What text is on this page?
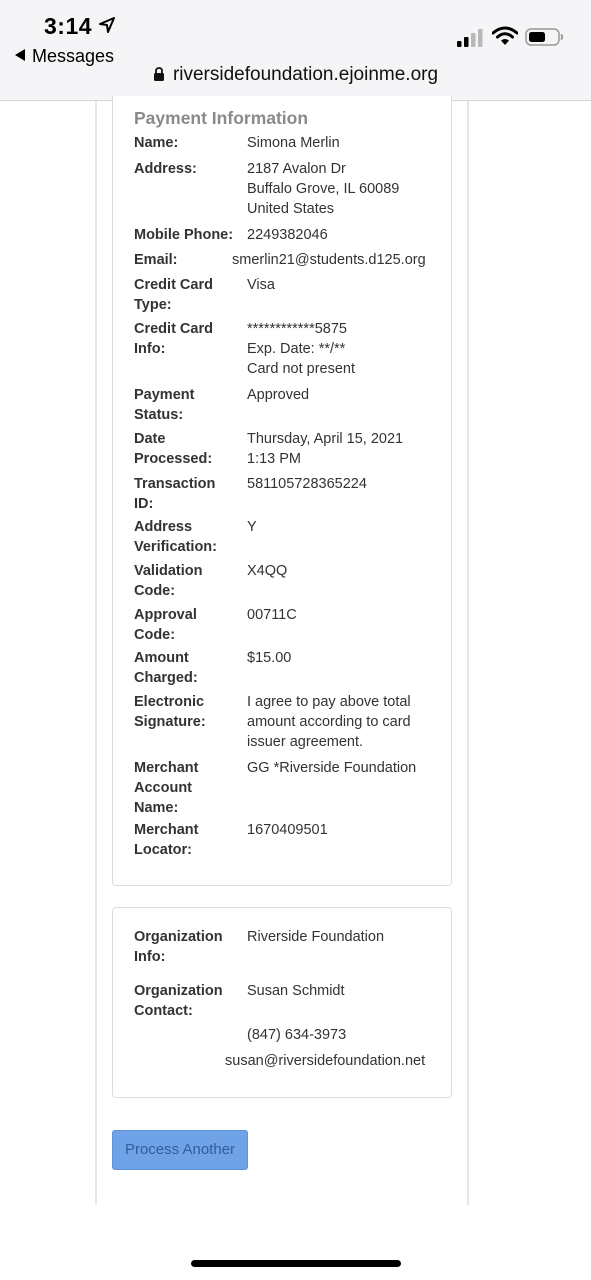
3:14
Messages
riversidefoundation.ejoinme.org
Payment Information
Name:	Simona Merlin
Address:	2187 Avalon Dr
Buffalo Grove, IL 60089
United States
Mobile Phone: 2249382046
Email:	smerlin21@students.d125.org
Credit Card
Type:
Visa
Credit Card
Info:
************5875
Exp. Date: **/**
Card not present
Payment
Status:
Approved
Date
Processed:
Thursday, April 15, 2021
1:13 PM
Transaction
ID:
581105728365224
Address
Verification:
Y
Validation
Code:
X4QQ
Approval
Code:
00711C
Amount
Charged:
$15.00
Electronic
Signature:
I agree to pay above total
amount according to card
issuer agreement.
Merchant
Account
Name:
GG *Riverside Foundation
Merchant
Locator:
1670409501
Organization
Info:
Riverside Foundation
Organization
Contact:
Susan Schmidt
(847) 634-3973
susan@riversidefoundation.net
Process Another
